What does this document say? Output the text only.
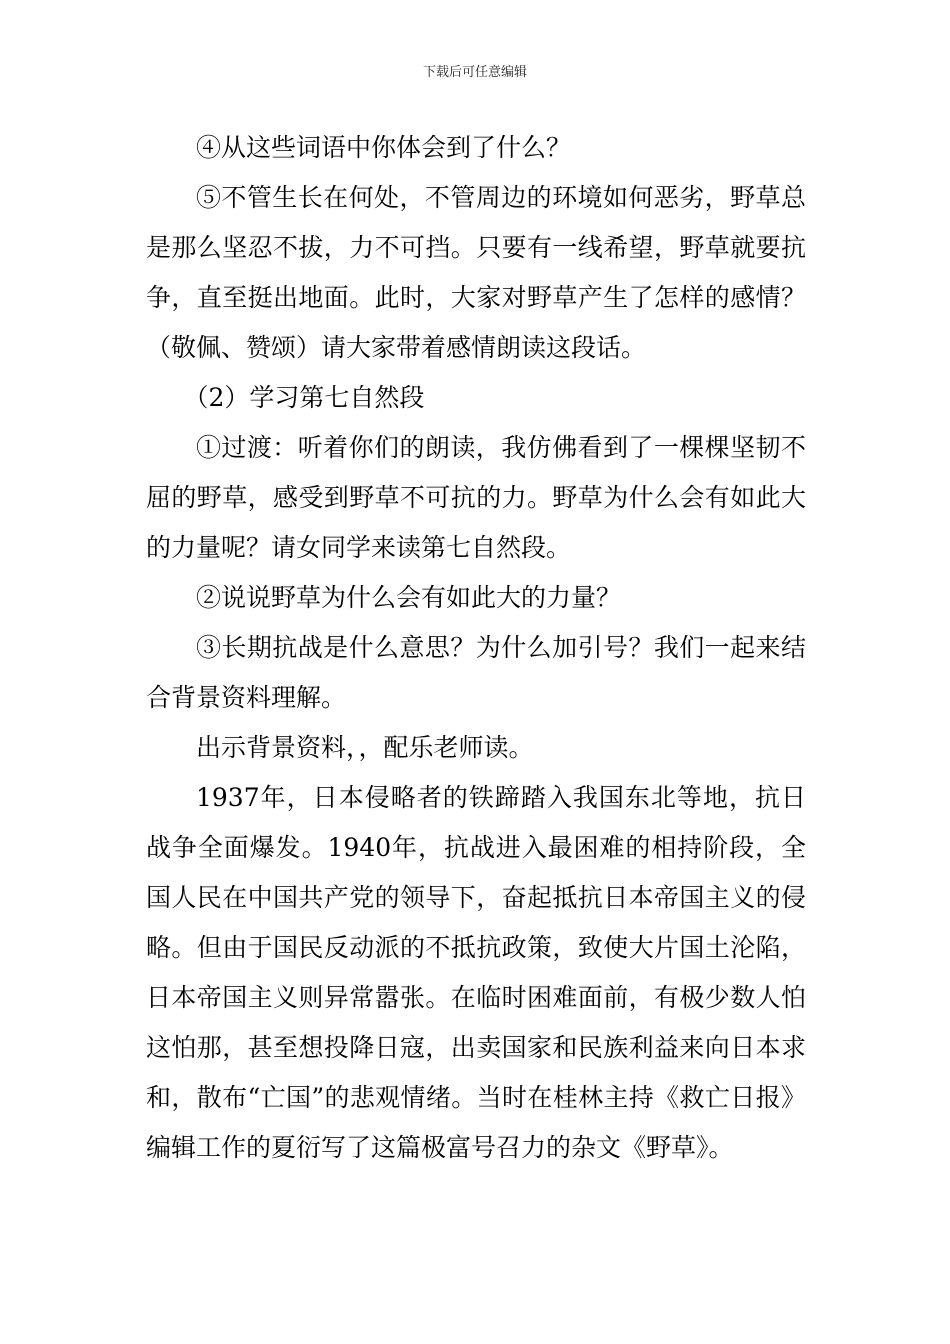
下载后可任意编辑

④从这些词语中你体会到了什么？

⑤不管生长在何处，不管周边的环境如何恶劣，野草总是那么坚忍不拔，力不可挡。只要有一线希望，野草就要抗争，直至挺出地面。此时，大家对野草产生了怎样的感情？（敬佩、赞颂）请大家带着感情朗读这段话。

（2）学习第七自然段

①过渡：听着你们的朗读，我仿佛看到了一棵棵坚韧不屈的野草，感受到野草不可抗的力。野草为什么会有如此大的力量呢？请女同学来读第七自然段。

②说说野草为什么会有如此大的力量？

③长期抗战是什么意思？为什么加引号？我们一起来结合背景资料理解。

出示背景资料，，配乐老师读。

1937年，日本侵略者的铁蹄踏入我国东北等地，抗日战争全面爆发。1940年，抗战进入最困难的相持阶段，全国人民在中国共产党的领导下，奋起抵抗日本帝国主义的侵略。但由于国民反动派的不抵抗政策，致使大片国土沦陷，日本帝国主义则异常嚣张。在临时困难面前，有极少数人怕这怕那，甚至想投降日寇，出卖国家和民族利益来向日本求和，散布“亡国”的悲观情绪。当时在桂林主持《救亡日报》编辑工作的夏衍写了这篇极富号召力的杂文《野草》。
